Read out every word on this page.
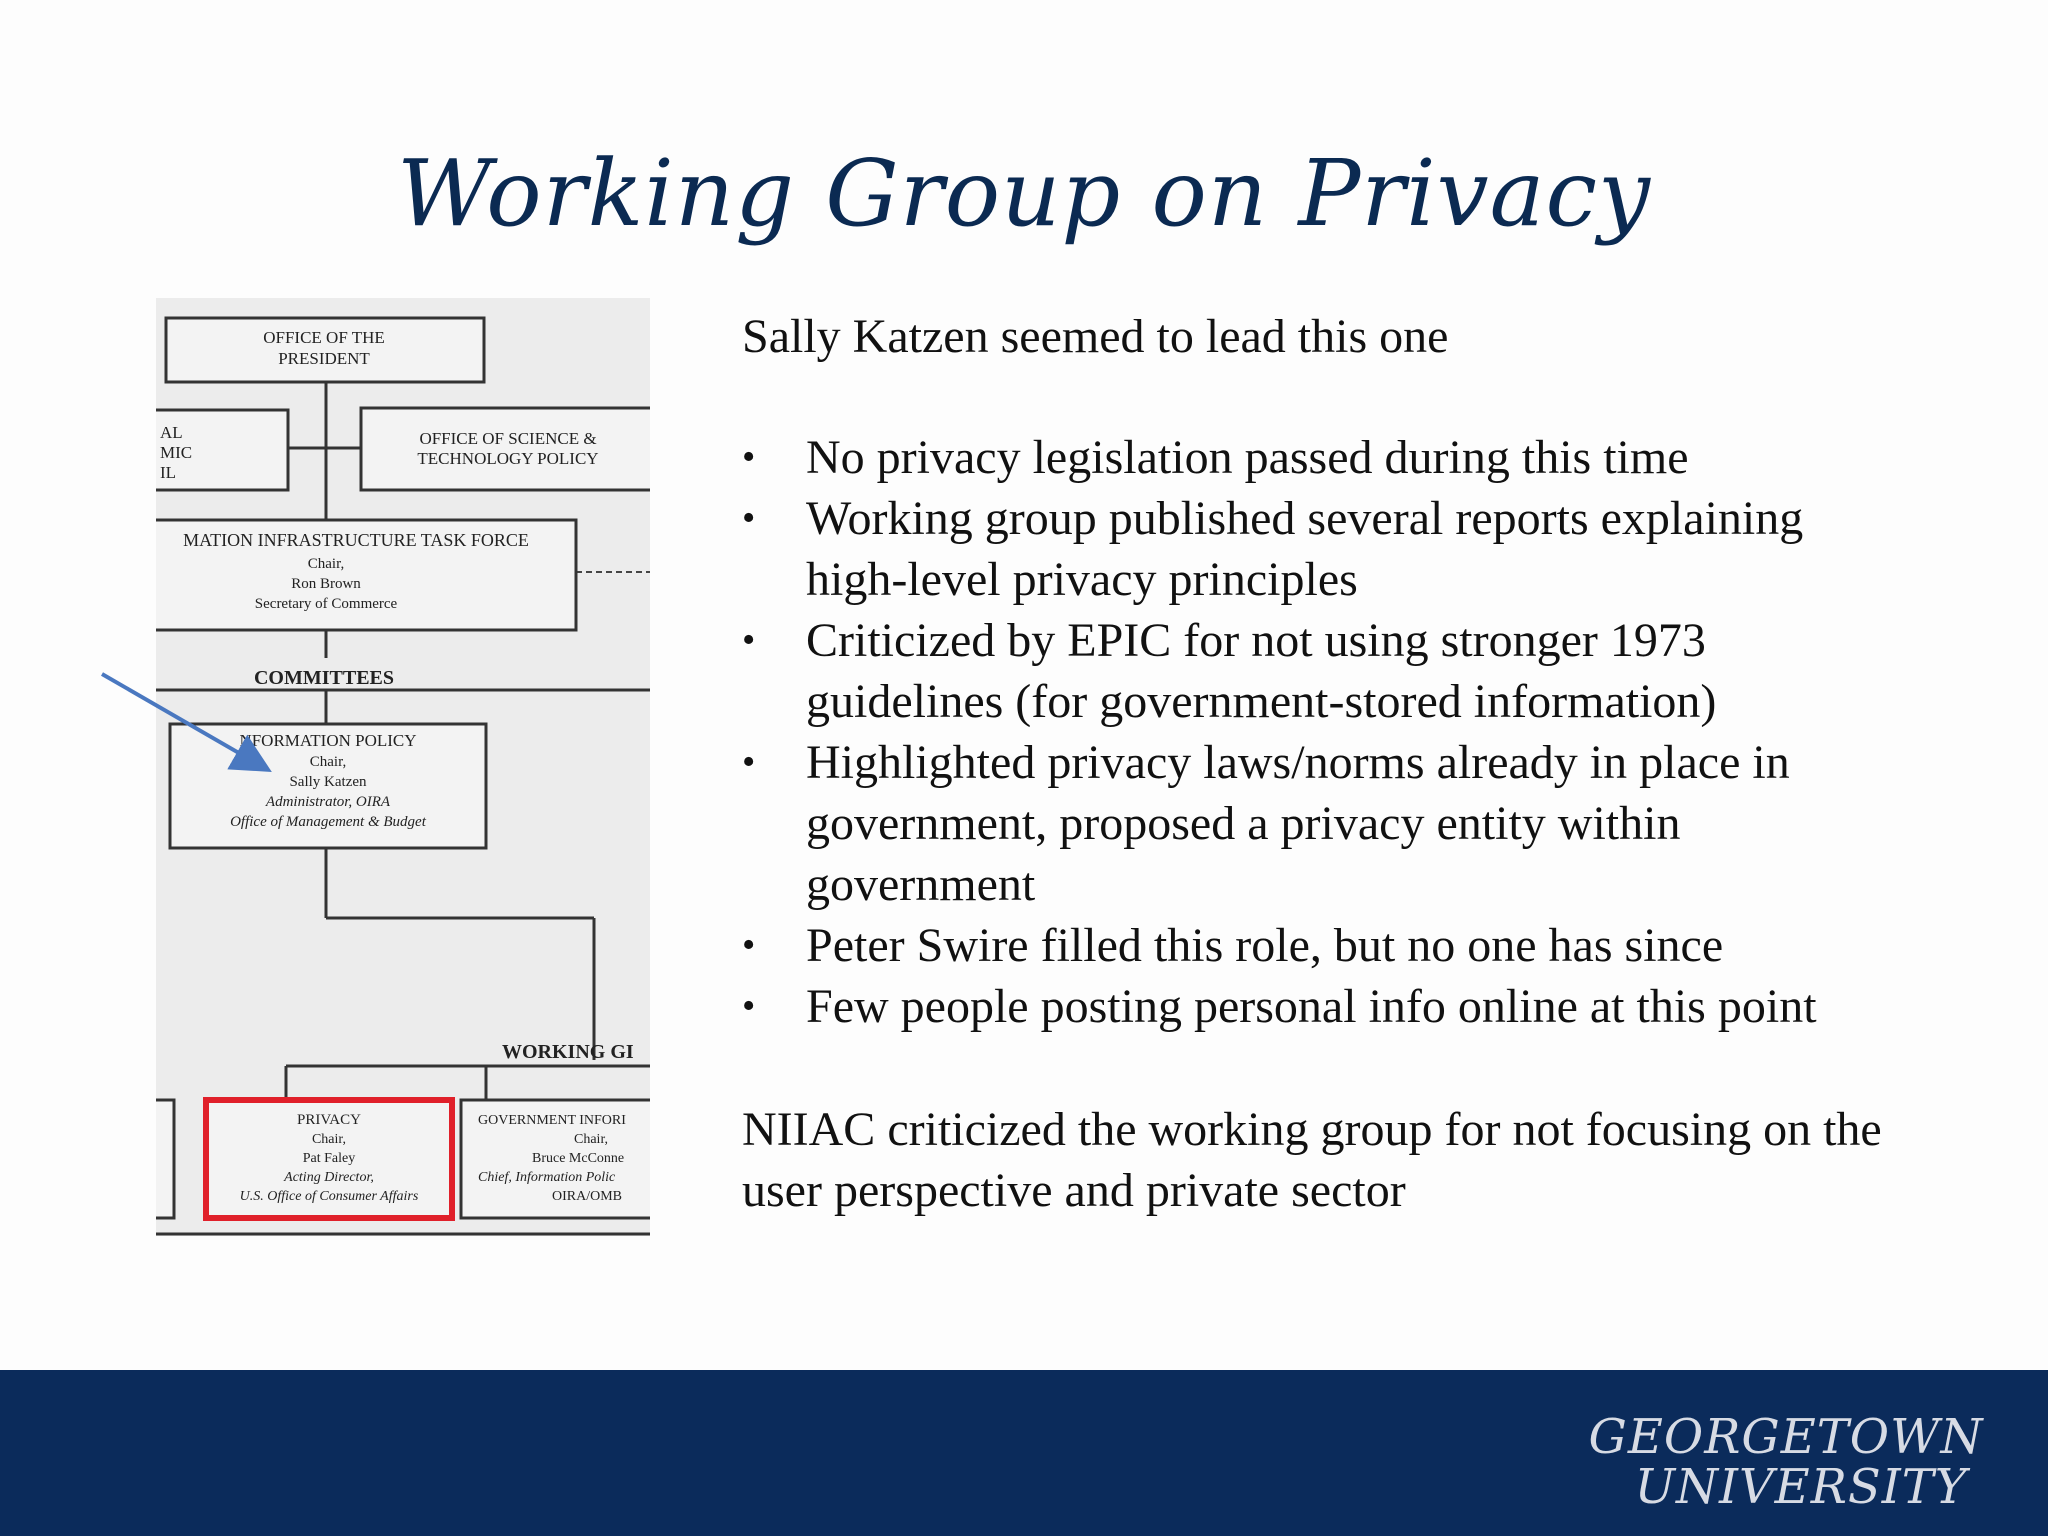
Working Group on Privacy
OFFICE OF THE
PRESIDENT
OFFICE OF SCIENCE &
TECHNOLOGY POLICY
MATION INFRASTRUCTURE TASK FORCE
Chair,
Ron Brown
Secretary of Commerce
COMMITTEES
NFORMATION POLICY
Chair,
Sally Katzen
Administrator, OIRA
Office of Management & Budget
PRIVACY
Chair,
Pat Faley
Acting Director,
U.S. Office of Consumer Affairs
AL
MIC
IL
WORKING GI
GOVERNMENT INFORI
Chair,
Bruce McConne
Chief, Information Polic
OIRA/OMB

Sally Katzen seemed to lead this one

• No privacy legislation passed during this time
• Working group published several reports explaining high-level privacy principles
• Criticized by EPIC for not using stronger 1973 guidelines (for government-stored information)
• Highlighted privacy laws/norms already in place in government, proposed a privacy entity within government
• Peter Swire filled this role, but no one has since
• Few people posting personal info online at this point

NIIAC criticized the working group for not focusing on the user perspective and private sector

GEORGETOWN
UNIVERSITY
